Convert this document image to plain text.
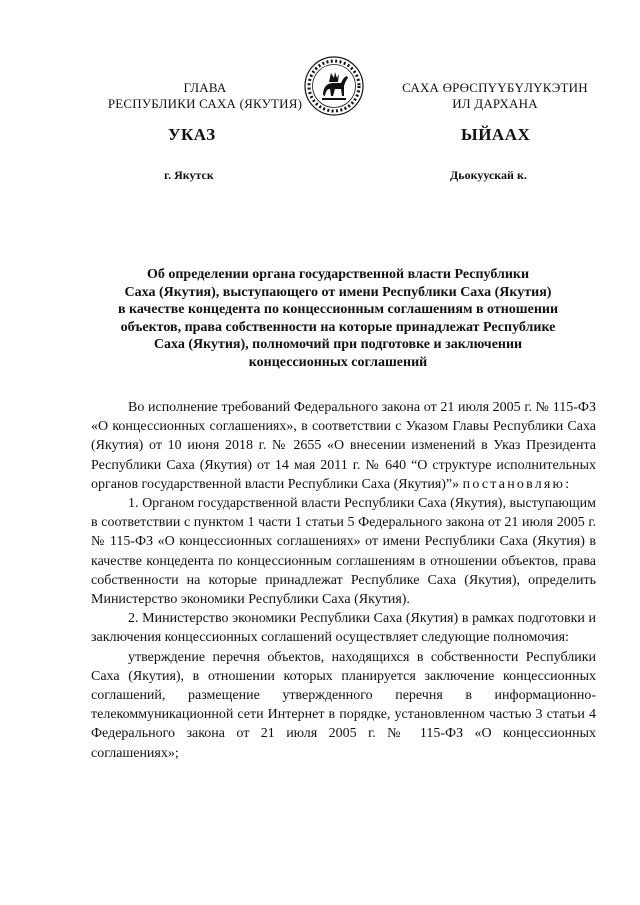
ГЛАВА
РЕСПУБЛИКИ САХА (ЯКУТИЯ)
САХА ӨРӨСПҮҮБҮЛҮКЭТИН
ИЛ ДАРХАНА
УКАЗ	ЫЙААХ
г. Якутск	Дьокуускай к.
Об определении органа государственной власти Республики
Саха (Якутия), выступающего от имени Республики Саха (Якутия)
в качестве концедента по концессионным соглашениям в отношении
объектов, права собственности на которые принадлежат Республике
Саха (Якутия), полномочий при подготовке и заключении
концессионных соглашений

Во исполнение требований Федерального закона от 21 июля 2005 г. № 115-ФЗ «О концессионных соглашениях», в соответствии с Указом Главы Республики Саха (Якутия) от 10 июня 2018 г. № 2655 «О внесении изменений в Указ Президента Республики Саха (Якутия) от 14 мая 2011 г. № 640 “О структуре исполнительных органов государственной власти Республики Саха (Якутия)”» постановляю:

1. Органом государственной власти Республики Саха (Якутия), выступающим в соответствии с пунктом 1 части 1 статьи 5 Федерального закона от 21 июля 2005 г. № 115-ФЗ «О концессионных соглашениях» от имени Республики Саха (Якутия) в качестве концедента по концессионным соглашениям в отношении объектов, права собственности на которые принадлежат Республике Саха (Якутия), определить Министерство экономики Республики Саха (Якутия).

2. Министерство экономики Республики Саха (Якутия) в рамках подготовки и заключения концессионных соглашений осуществляет следующие полномочия:

утверждение перечня объектов, находящихся в собственности Республики Саха (Якутия), в отношении которых планируется заключение концессионных соглашений, размещение утвержденного перечня в информационно-телекоммуникационной сети Интернет в порядке, установленном частью 3 статьи 4 Федерального закона от 21 июля 2005 г. № 115-ФЗ «О концессионных соглашениях»;
